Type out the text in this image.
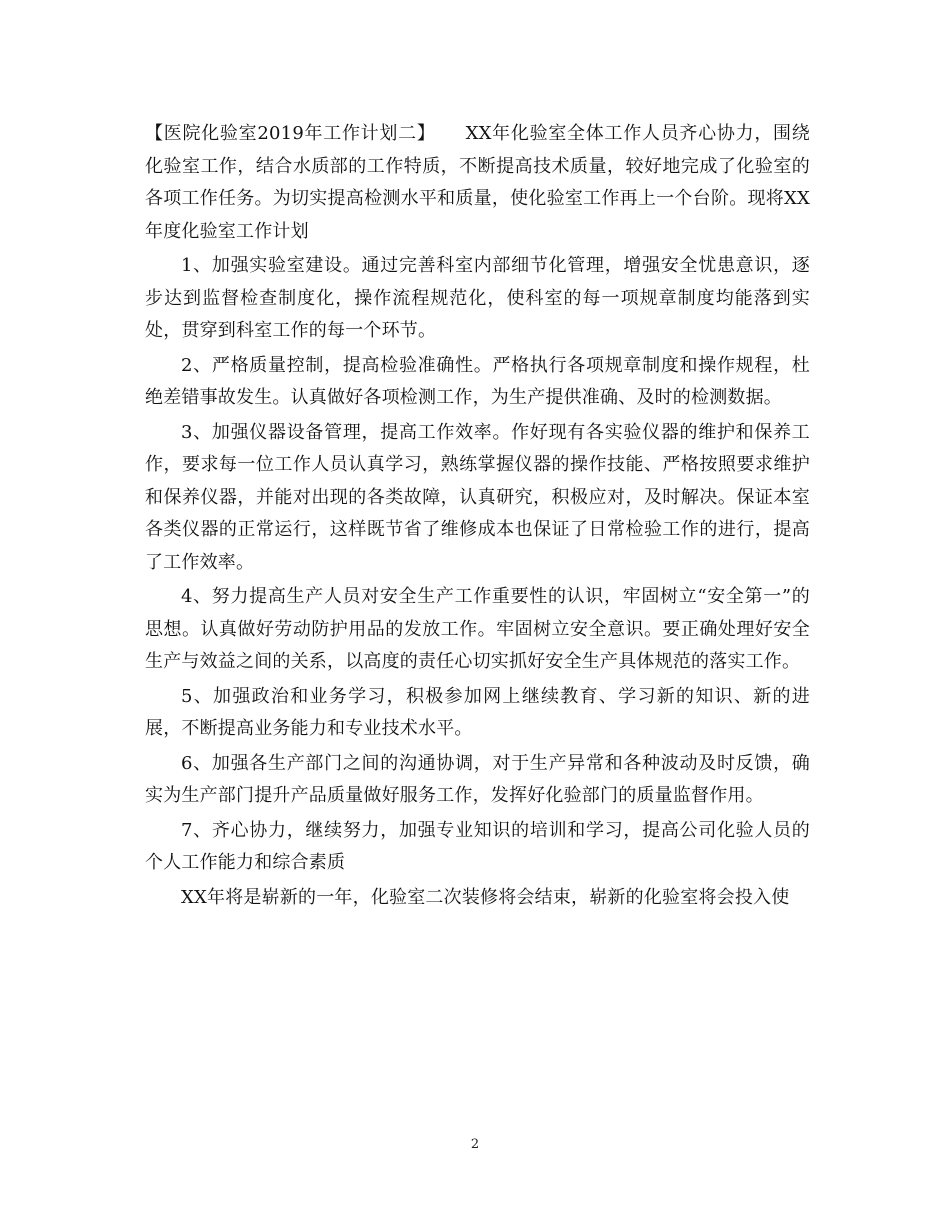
【医院化验室2019年工作计划二】 XX年化验室全体工作人员齐心协力，围绕化验室工作，结合水质部的工作特质，不断提高技术质量，较好地完成了化验室的各项工作任务。为切实提高检测水平和质量，使化验室工作再上一个台阶。现将XX年度化验室工作计划

1、加强实验室建设。通过完善科室内部细节化管理，增强安全忧患意识，逐步达到监督检查制度化，操作流程规范化，使科室的每一项规章制度均能落到实处，贯穿到科室工作的每一个环节。

2、严格质量控制，提高检验准确性。严格执行各项规章制度和操作规程，杜绝差错事故发生。认真做好各项检测工作，为生产提供准确、及时的检测数据。

3、加强仪器设备管理，提高工作效率。作好现有各实验仪器的维护和保养工作，要求每一位工作人员认真学习，熟练掌握仪器的操作技能、严格按照要求维护和保养仪器，并能对出现的各类故障，认真研究，积极应对，及时解决。保证本室各类仪器的正常运行，这样既节省了维修成本也保证了日常检验工作的进行，提高了工作效率。

4、努力提高生产人员对安全生产工作重要性的认识，牢固树立“安全第一”的思想。认真做好劳动防护用品的发放工作。牢固树立安全意识。要正确处理好安全生产与效益之间的关系，以高度的责任心切实抓好安全生产具体规范的落实工作。

5、加强政治和业务学习，积极参加网上继续教育、学习新的知识、新的进展，不断提高业务能力和专业技术水平。

6、加强各生产部门之间的沟通协调，对于生产异常和各种波动及时反馈，确实为生产部门提升产品质量做好服务工作，发挥好化验部门的质量监督作用。

7、齐心协力，继续努力，加强专业知识的培训和学习，提高公司化验人员的个人工作能力和综合素质

XX年将是崭新的一年，化验室二次装修将会结束，崭新的化验室将会投入使

2
